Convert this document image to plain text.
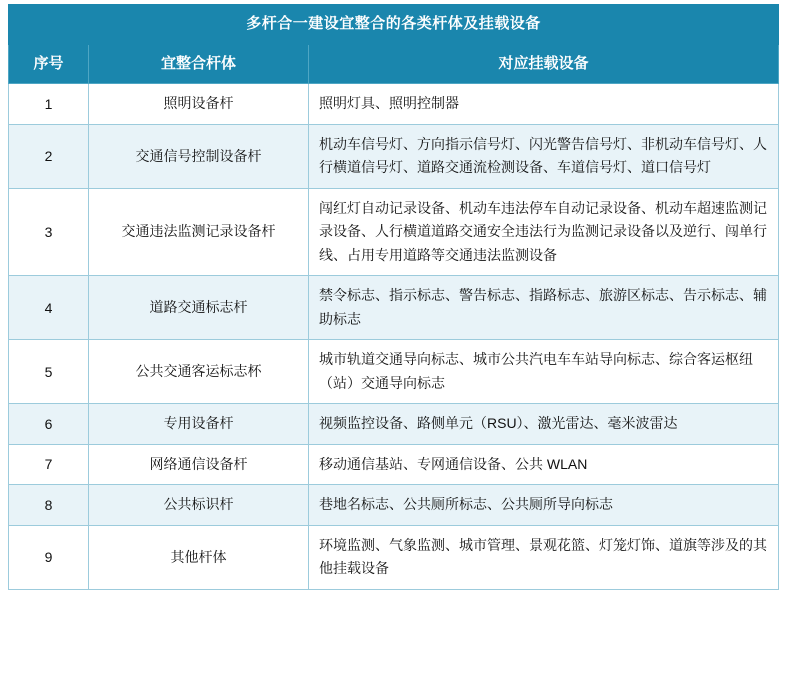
多杆合一建设宜整合的各类杆体及挂载设备		
序号	宜整合杆体	对应挂载设备
1	照明设备杆	照明灯具、照明控制器
2	交通信号控制设备杆	机动车信号灯、方向指示信号灯、闪光警告信号灯、非机动车信号灯、人行横道信号灯、道路交通流检测设备、车道信号灯、道口信号灯
3	交通违法监测记录设备杆	闯红灯自动记录设备、机动车违法停车自动记录设备、机动车超速监测记录设备、人行横道道路交通安全违法行为监测记录设备以及逆行、闯单行线、占用专用道路等交通违法监测设备
4	道路交通标志杆	禁令标志、指示标志、警告标志、指路标志、旅游区标志、告示标志、辅助标志
5	公共交通客运标志杯	城市轨道交通导向标志、城市公共汽电车车站导向标志、综合客运枢纽（站）交通导向标志
6	专用设备杆	视频监控设备、路侧单元（RSU）、激光雷达、毫米波雷达
7	网络通信设备杆	移动通信基站、专网通信设备、公共 WLAN
8	公共标识杆	巷地名标志、公共厕所标志、公共厕所导向标志
9	其他杆体	环境监测、气象监测、城市管理、景观花篮、灯笼灯饰、道旗等涉及的其他挂载设备
